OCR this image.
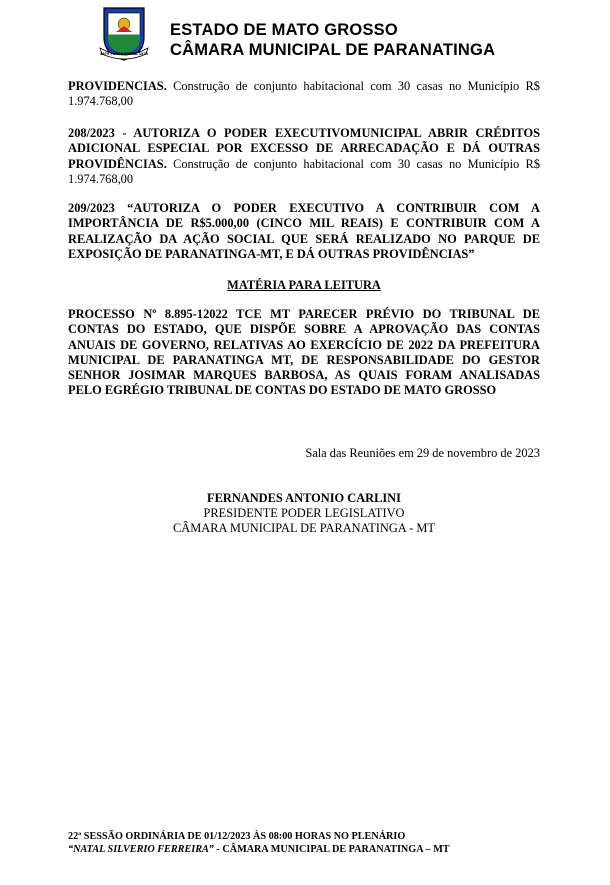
1979 PARANATINGA 1979
ESTADO DE MATO GROSSO
CÂMARA MUNICIPAL DE PARANATINGA

PROVIDENCIAS. Construção de conjunto habitacional com 30 casas no Município R$ 1.974.768,00

208/2023 - AUTORIZA O PODER EXECUTIVOMUNICIPAL ABRIR CRÉDITOS ADICIONAL ESPECIAL POR EXCESSO DE ARRECADAÇÃO E DÁ OUTRAS PROVIDÊNCIAS. Construção de conjunto habitacional com 30 casas no Município R$ 1.974.768,00

209/2023 “AUTORIZA O PODER EXECUTIVO A CONTRIBUIR COM A IMPORTÂNCIA DE R$5.000,00 (CINCO MIL REAIS) E CONTRIBUIR COM A REALIZAÇÃO DA AÇÃO SOCIAL QUE SERÁ REALIZADO NO PARQUE DE EXPOSIÇÃO DE PARANATINGA-MT, E DÁ OUTRAS PROVIDÊNCIAS”

MATÉRIA PARA LEITURA

PROCESSO Nº 8.895-12022 TCE MT PARECER PRÉVIO DO TRIBUNAL DE CONTAS DO ESTADO, QUE DISPÕE SOBRE A APROVAÇÃO DAS CONTAS ANUAIS DE GOVERNO, RELATIVAS AO EXERCÍCIO DE 2022 DA PREFEITURA MUNICIPAL DE PARANATINGA MT, DE RESPONSABILIDADE DO GESTOR SENHOR JOSIMAR MARQUES BARBOSA, AS QUAIS FORAM ANALISADAS PELO EGRÉGIO TRIBUNAL DE CONTAS DO ESTADO DE MATO GROSSO

Sala das Reuniões em 29 de novembro de 2023

FERNANDES ANTONIO CARLINI
PRESIDENTE PODER LEGISLATIVO
CÂMARA MUNICIPAL DE PARANATINGA - MT
22ª SESSÃO ORDINÁRIA DE 01/12/2023 ÀS 08:00 HORAS NO PLENÁRIO
“NATAL SILVERIO FERREIRA” - CÂMARA MUNICIPAL DE PARANATINGA – MT
